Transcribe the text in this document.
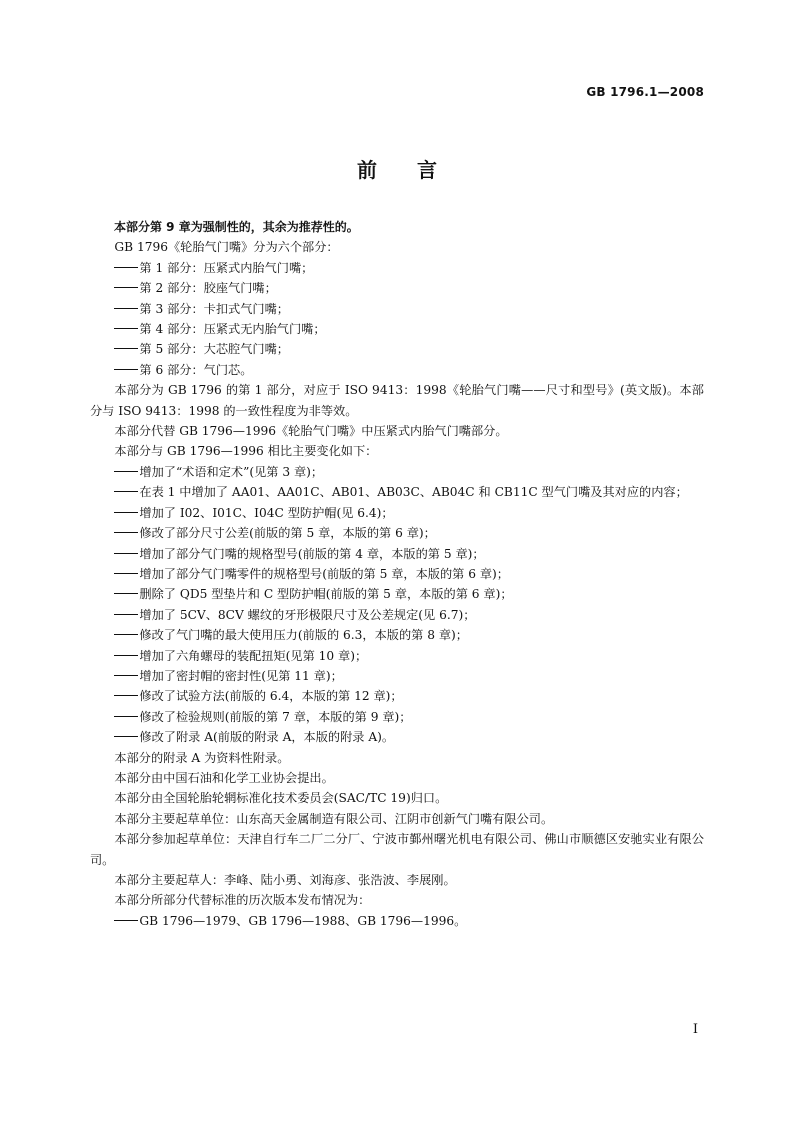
GB 1796.1—2008
前言

本部分第 9 章为强制性的，其余为推荐性的。

GB 1796《轮胎气门嘴》分为六个部分：

第 1 部分：压紧式内胎气门嘴；

第 2 部分：胶座气门嘴；

第 3 部分：卡扣式气门嘴；

第 4 部分：压紧式无内胎气门嘴；

第 5 部分：大芯腔气门嘴；

第 6 部分：气门芯。

本部分为 GB 1796 的第 1 部分，对应于 ISO 9413：1998《轮胎气门嘴——尺寸和型号》(英文版)。本部分与 ISO 9413：1998 的一致性程度为非等效。

本部分代替 GB 1796—1996《轮胎气门嘴》中压紧式内胎气门嘴部分。

本部分与 GB 1796—1996 相比主要变化如下：

增加了“术语和定术”(见第 3 章)；

在表 1 中增加了 AA01、AA01C、AB01、AB03C、AB04C 和 CB11C 型气门嘴及其对应的内容；

增加了 I02、I01C、I04C 型防护帽(见 6.4)；

修改了部分尺寸公差(前版的第 5 章，本版的第 6 章)；

增加了部分气门嘴的规格型号(前版的第 4 章，本版的第 5 章)；

增加了部分气门嘴零件的规格型号(前版的第 5 章，本版的第 6 章)；

删除了 QD5 型垫片和 C 型防护帽(前版的第 5 章，本版的第 6 章)；

增加了 5CV、8CV 螺纹的牙形极限尺寸及公差规定(见 6.7)；

修改了气门嘴的最大使用压力(前版的 6.3，本版的第 8 章)；

增加了六角螺母的装配扭矩(见第 10 章)；

增加了密封帽的密封性(见第 11 章)；

修改了试验方法(前版的 6.4，本版的第 12 章)；

修改了检验规则(前版的第 7 章，本版的第 9 章)；

修改了附录 A(前版的附录 A，本版的附录 A)。

本部分的附录 A 为资料性附录。

本部分由中国石油和化学工业协会提出。

本部分由全国轮胎轮辋标准化技术委员会(SAC/TC 19)归口。

本部分主要起草单位：山东高天金属制造有限公司、江阴市创新气门嘴有限公司。

本部分参加起草单位：天津自行车二厂二分厂、宁波市鄞州曙光机电有限公司、佛山市顺德区安驰实业有限公司。

本部分主要起草人：李峰、陆小勇、刘海彦、张浩波、李展刚。

本部分所部分代替标准的历次版本发布情况为：

GB 1796—1979、GB 1796—1988、GB 1796—1996。

I
